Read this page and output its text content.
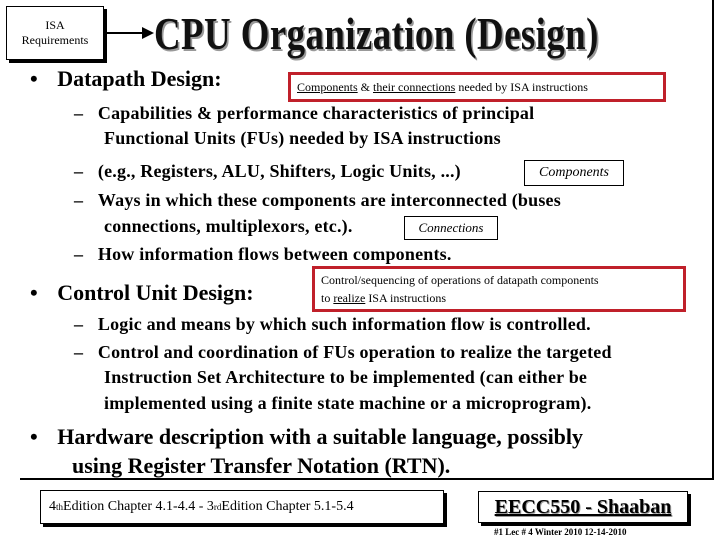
ISA
Requirements	CPU Organization (Design)
• Datapath Design:	Components & their connections needed by ISA instructions
– Capabilities & performance characteristics of principal
Functional Units (FUs) needed by ISA instructions
– (e.g., Registers, ALU, Shifters, Logic Units, ...)	Components
– Ways in which these components are interconnected (buses
connections, multiplexors, etc.).	Connections
– How information flows between components.
• Control Unit Design:	Control/sequencing of operations of datapath components
to realize ISA instructions
– Logic and means by which such information flow is controlled.
– Control and coordination of FUs operation to realize the targeted
Instruction Set Architecture to be implemented (can either be
implemented using a finite state machine or a microprogram).
• Hardware description with a suitable language, possibly
using Register Transfer Notation (RTN).
4 th Edition Chapter 4.1-4.4 - 3 rd Edition Chapter 5.1-5.4	EECC550 - Shaaban
#1 Lec # 4 Winter 2010 12-14-2010
